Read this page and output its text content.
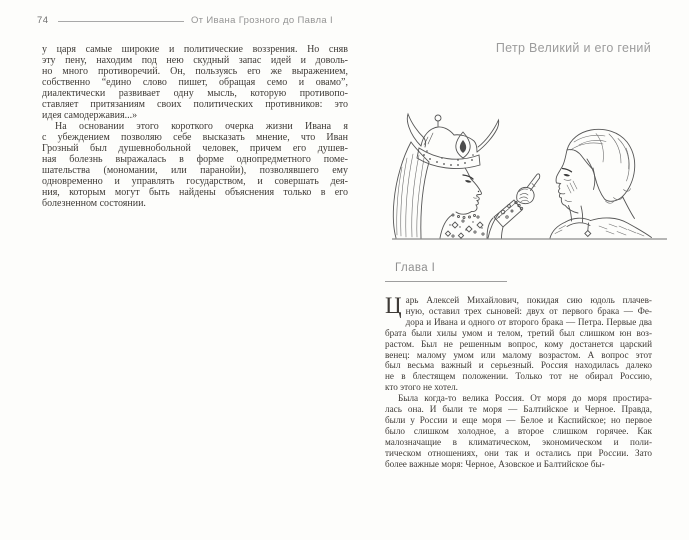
74	От Ивана Грозного до Павла I
у царя самые широкие и политические воззрения. Но сняв
эту пену, находим под нею скудный запас идей и доволь-
но много противоречий. Он, пользуясь его же выражением,
собственно “едино слово пишет, обращая семо и овамо”,
диалектически развивает одну мысль, которую противопо-
ставляет притязаниям своих политических противников: это
идея самодержавия...»
На основании этого короткого очерка жизни Ивана я
с убеждением позволяю себе высказать мнение, что Иван
Грозный был душевнобольной человек, причем его душев-
ная болезнь выражалась в форме однопредметного поме-
шательства (мономании, или паранойи), позволявшего ему
одновременно и управлять государством, и совершать дея-
ния, которым могут быть найдены объяснения только в его
болезненном состоянии.
Петр Великий и его гений
Глава I
Ц арь Алексей Михайлович, покидая сию юдоль плачев-
ную, оставил трех сыновей: двух от первого брака — Фе-
дора и Ивана и одного от второго брака — Петра. Первые два
брата были хилы умом и телом, третий был слишком юн воз-
растом. Был не решенным вопрос, кому достанется царский
венец: малому умом или малому возрастом. А вопрос этот
был весьма важный и серьезный. Россия находилась далеко
не в блестящем положении. Только тот не обирал Россию,
кто этого не хотел.
Была когда-то велика Россия. От моря до моря простира-
лась она. И были те моря — Балтийское и Черное. Правда,
были у России и еще моря — Белое и Каспийское; но первое
было слишком холодное, а второе слишком горячее. Как
малозначащие в климатическом, экономическом и поли-
тическом отношениях, они так и остались при России. Зато
более важные моря: Черное, Азовское и Балтийское бы-
